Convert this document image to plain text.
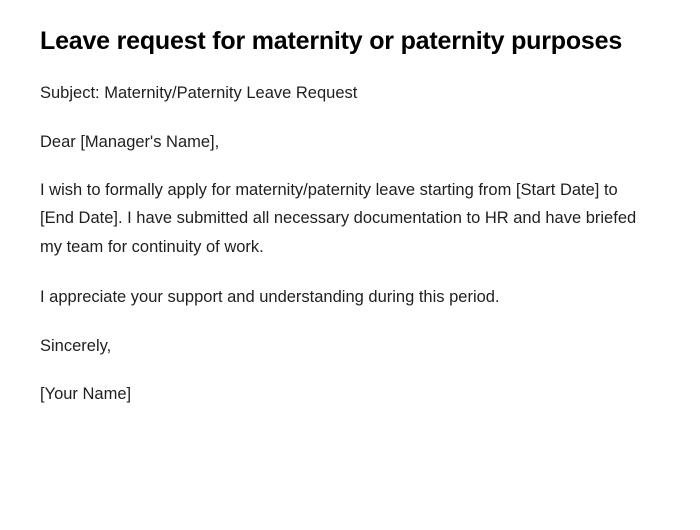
Leave request for maternity or paternity purposes

Subject: Maternity/Paternity Leave Request

Dear [Manager's Name],

I wish to formally apply for maternity/paternity leave starting from [Start Date] to [End Date]. I have submitted all necessary documentation to HR and have briefed my team for continuity of work.

I appreciate your support and understanding during this period.

Sincerely,

[Your Name]
